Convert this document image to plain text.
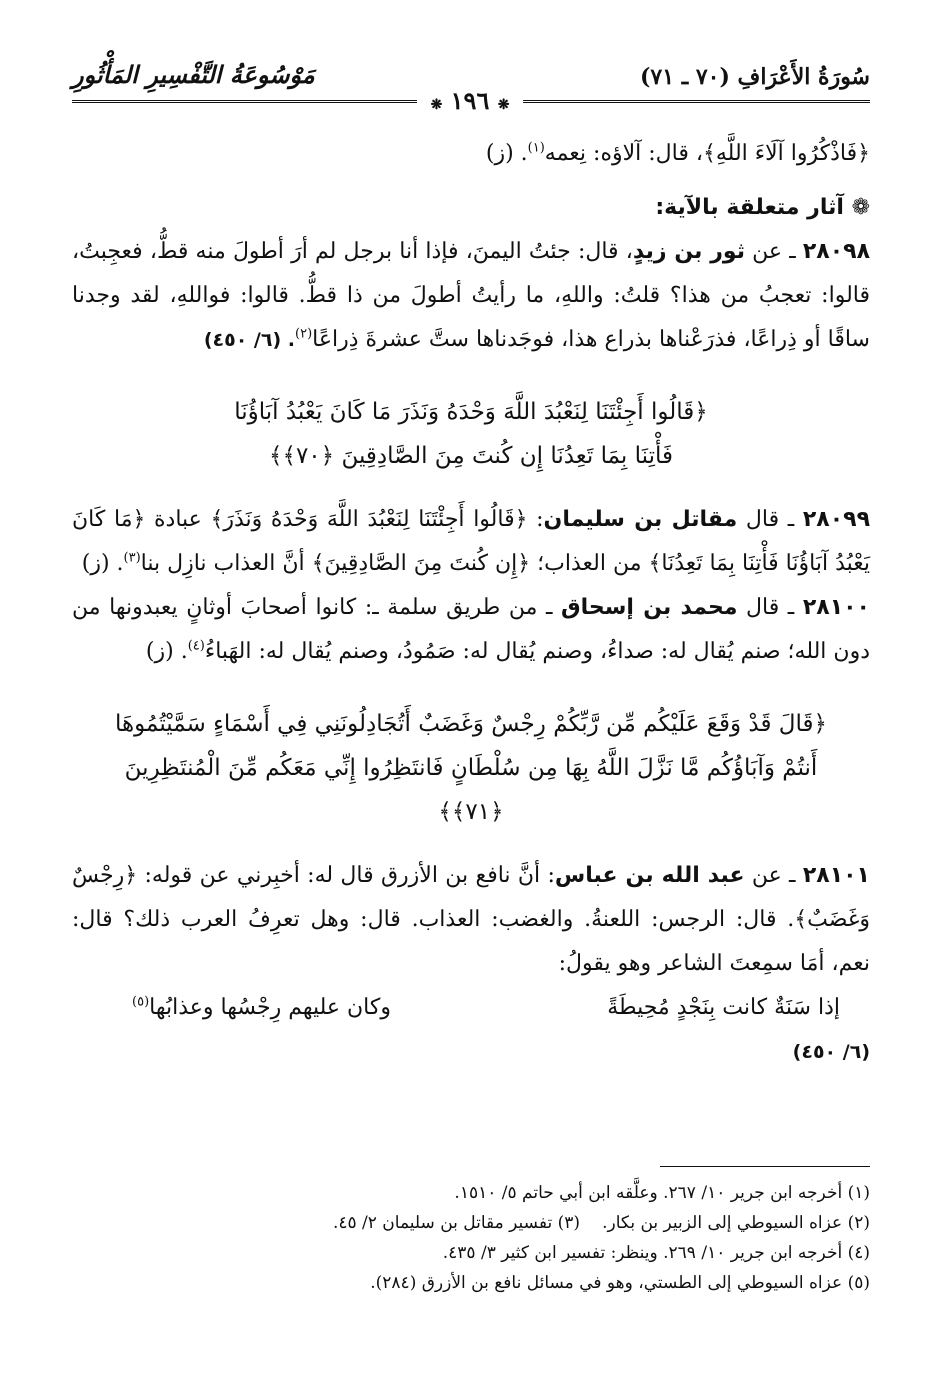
سُورَةُ الأَعْرَافِ (٧٠ ـ ٧١)
مَوْسُوعَةُ التَّفْسِيرِ المَأْثُورِ
❋ ١٩٦ ❋

﴿فَاذْكُرُوا آلَاءَ اللَّهِ﴾، قال: آلاؤه: نِعمه$^{(١)}$. (ز)

❁ آثار متعلقة بالآية:

٢٨٠٩٨ ـ عن ثور بن زيدٍ، قال: جئتُ اليمنَ، فإذا أنا برجل لم أرَ أطولَ منه قطُّ، فعجِبتُ، قالوا: تعجبُ من هذا؟ قلتُ: واللهِ، ما رأيتُ أطولَ من ذا قطُّ. قالوا: فواللهِ، لقد وجدنا ساقًا أو ذِراعًا، فذرَعْناها بذراع هذا، فوجَدناها ستَّ عشرةَ ذِراعًا$^{(٢)}$. (٦/ ٤٥٠)

﴿قَالُوا أَجِئْتَنَا لِنَعْبُدَ اللَّهَ وَحْدَهُ وَنَذَرَ مَا كَانَ يَعْبُدُ آبَاؤُنَا
فَأْتِنَا بِمَا تَعِدُنَا إِن كُنتَ مِنَ الصَّادِقِينَ ﴿٧٠﴾﴾

٢٨٠٩٩ ـ قال مقاتل بن سليمان: ﴿قَالُوا أَجِئْتَنَا لِنَعْبُدَ اللَّهَ وَحْدَهُ وَنَذَرَ﴾ عبادة ﴿مَا كَانَ يَعْبُدُ آبَاؤُنَا فَأْتِنَا بِمَا تَعِدُنَا﴾ من العذاب؛ ﴿إِن كُنتَ مِنَ الصَّادِقِينَ﴾ أنَّ العذاب نازِل بنا$^{(٣)}$. (ز)

٢٨١٠٠ ـ قال محمد بن إسحاق ـ من طريق سلمة ـ: كانوا أصحابَ أوثانٍ يعبدونها من دون الله؛ صنم يُقال له: صداءُ، وصنم يُقال له: صَمُودُ، وصنم يُقال له: الهَباءُ$^{(٤)}$. (ز)

﴿قَالَ قَدْ وَقَعَ عَلَيْكُم مِّن رَّبِّكُمْ رِجْسٌ وَغَضَبٌ أَتُجَادِلُونَنِي فِي أَسْمَاءٍ سَمَّيْتُمُوهَا
أَنتُمْ وَآبَاؤُكُم مَّا نَزَّلَ اللَّهُ بِهَا مِن سُلْطَانٍ فَانتَظِرُوا إِنِّي مَعَكُم مِّنَ الْمُنتَظِرِينَ ﴿٧١﴾﴾

٢٨١٠١ ـ عن عبد الله بن عباس: أنَّ نافع بن الأزرق قال له: أخبِرني عن قوله: ﴿رِجْسٌ وَغَضَبٌ﴾. قال: الرجس: اللعنةُ. والغضب: العذاب. قال: وهل تعرِفُ العرب ذلك؟ قال: نعم، أمَا سمِعتَ الشاعر وهو يقولُ:

إذا سَنَةٌ كانت بِنَجْدٍ مُحِيطَةً
وكان عليهم رِجْسُها وعذابُها$^{(٥)}$

(٦/ ٤٥٠)

(١) أخرجه ابن جرير ١٠/ ٢٦٧. وعلَّقه ابن أبي حاتم ٥/ ١٥١٠.

(٢) عزاه السيوطي إلى الزبير بن بكار.
(٣) تفسير مقاتل بن سليمان ٢/ ٤٥.

(٤) أخرجه ابن جرير ١٠/ ٢٦٩. وينظر: تفسير ابن كثير ٣/ ٤٣٥.

(٥) عزاه السيوطي إلى الطستي، وهو في مسائل نافع بن الأزرق (٢٨٤).
